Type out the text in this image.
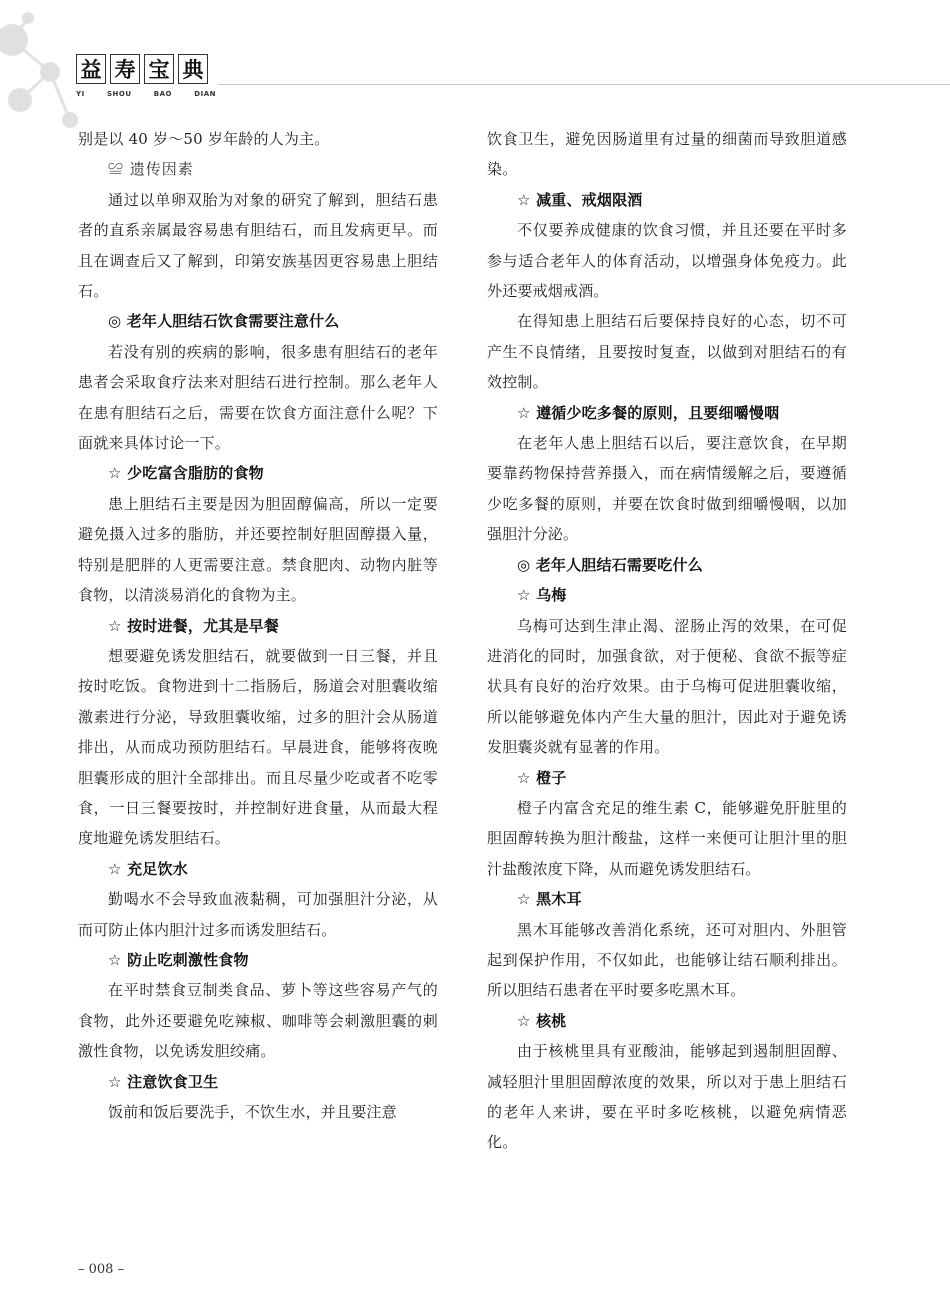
益 寿 宝 典
YI	SHOU	BAO	DIAN

别是以 40 岁～50 岁年龄的人为主。

≌ 遗传因素

通过以单卵双胎为对象的研究了解到，胆结石患者的直系亲属最容易患有胆结石，而且发病更早。而且在调查后又了解到，印第安族基因更容易患上胆结石。

◎ 老年人胆结石饮食需要注意什么

若没有别的疾病的影响，很多患有胆结石的老年患者会采取食疗法来对胆结石进行控制。那么老年人在患有胆结石之后，需要在饮食方面注意什么呢？下面就来具体讨论一下。

☆ 少吃富含脂肪的食物

患上胆结石主要是因为胆固醇偏高，所以一定要避免摄入过多的脂肪，并还要控制好胆固醇摄入量，特别是肥胖的人更需要注意。禁食肥肉、动物内脏等食物，以清淡易消化的食物为主。

☆ 按时进餐，尤其是早餐

想要避免诱发胆结石，就要做到一日三餐，并且按时吃饭。食物进到十二指肠后，肠道会对胆囊收缩激素进行分泌，导致胆囊收缩，过多的胆汁会从肠道排出，从而成功预防胆结石。早晨进食，能够将夜晚胆囊形成的胆汁全部排出。而且尽量少吃或者不吃零食，一日三餐要按时，并控制好进食量，从而最大程度地避免诱发胆结石。

☆ 充足饮水

勤喝水不会导致血液黏稠，可加强胆汁分泌，从而可防止体内胆汁过多而诱发胆结石。

☆ 防止吃刺激性食物

在平时禁食豆制类食品、萝卜等这些容易产气的食物，此外还要避免吃辣椒、咖啡等会刺激胆囊的刺激性食物，以免诱发胆绞痛。

☆ 注意饮食卫生

饭前和饭后要洗手，不饮生水，并且要注意

饮食卫生，避免因肠道里有过量的细菌而导致胆道感染。

☆ 减重、戒烟限酒

不仅要养成健康的饮食习惯，并且还要在平时多参与适合老年人的体育活动，以增强身体免疫力。此外还要戒烟戒酒。

在得知患上胆结石后要保持良好的心态，切不可产生不良情绪，且要按时复查，以做到对胆结石的有效控制。

☆ 遵循少吃多餐的原则，且要细嚼慢咽

在老年人患上胆结石以后，要注意饮食，在早期要靠药物保持营养摄入，而在病情缓解之后，要遵循少吃多餐的原则，并要在饮食时做到细嚼慢咽，以加强胆汁分泌。

◎ 老年人胆结石需要吃什么

☆ 乌梅

乌梅可达到生津止渴、涩肠止泻的效果，在可促进消化的同时，加强食欲，对于便秘、食欲不振等症状具有良好的治疗效果。由于乌梅可促进胆囊收缩，所以能够避免体内产生大量的胆汁，因此对于避免诱发胆囊炎就有显著的作用。

☆ 橙子

橙子内富含充足的维生素 C，能够避免肝脏里的胆固醇转换为胆汁酸盐，这样一来便可让胆汁里的胆汁盐酸浓度下降，从而避免诱发胆结石。

☆ 黑木耳

黑木耳能够改善消化系统，还可对胆内、外胆管起到保护作用，不仅如此，也能够让结石顺利排出。所以胆结石患者在平时要多吃黑木耳。

☆ 核桃

由于核桃里具有亚酸油，能够起到遏制胆固醇、减轻胆汁里胆固醇浓度的效果，所以对于患上胆结石的老年人来讲，要在平时多吃核桃，以避免病情恶化。

– 008 –
